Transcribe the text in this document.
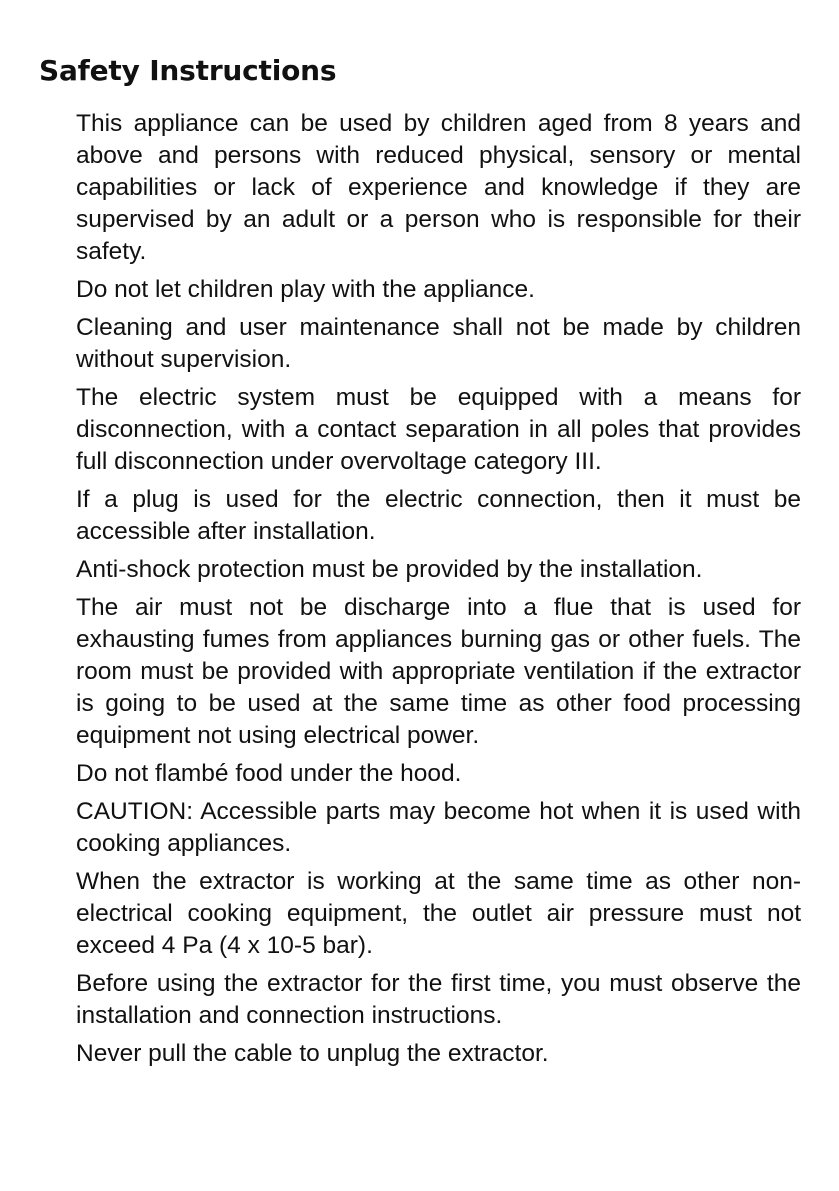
Safety Instructions

This appliance can be used by children aged from 8 years and above and persons with reduced physical, sensory or mental capabilities or lack of experience and knowledge if they are supervised by an adult or a person who is responsible for their safety.

Do not let children play with the appliance.

Cleaning and user maintenance shall not be made by children without supervision.

The electric system must be equipped with a means for disconnection, with a contact separation in all poles that provides full disconnection under overvoltage category III.

If a plug is used for the electric connection, then it must be accessible after installation.

Anti-shock protection must be provided by the installation.

The air must not be discharge into a flue that is used for exhausting fumes from appliances burning gas or other fuels. The room must be provided with appropriate ventilation if the extractor is going to be used at the same time as other food processing equipment not using electrical power.

Do not flambé food under the hood.

CAUTION: Accessible parts may become hot when it is used with cooking appliances.

When the extractor is working at the same time as other non-electrical cooking equipment, the outlet air pressure must not exceed 4 Pa (4 x 10-5 bar).

Before using the extractor for the first time, you must observe the installation and connection instructions.

Never pull the cable to unplug the extractor.
